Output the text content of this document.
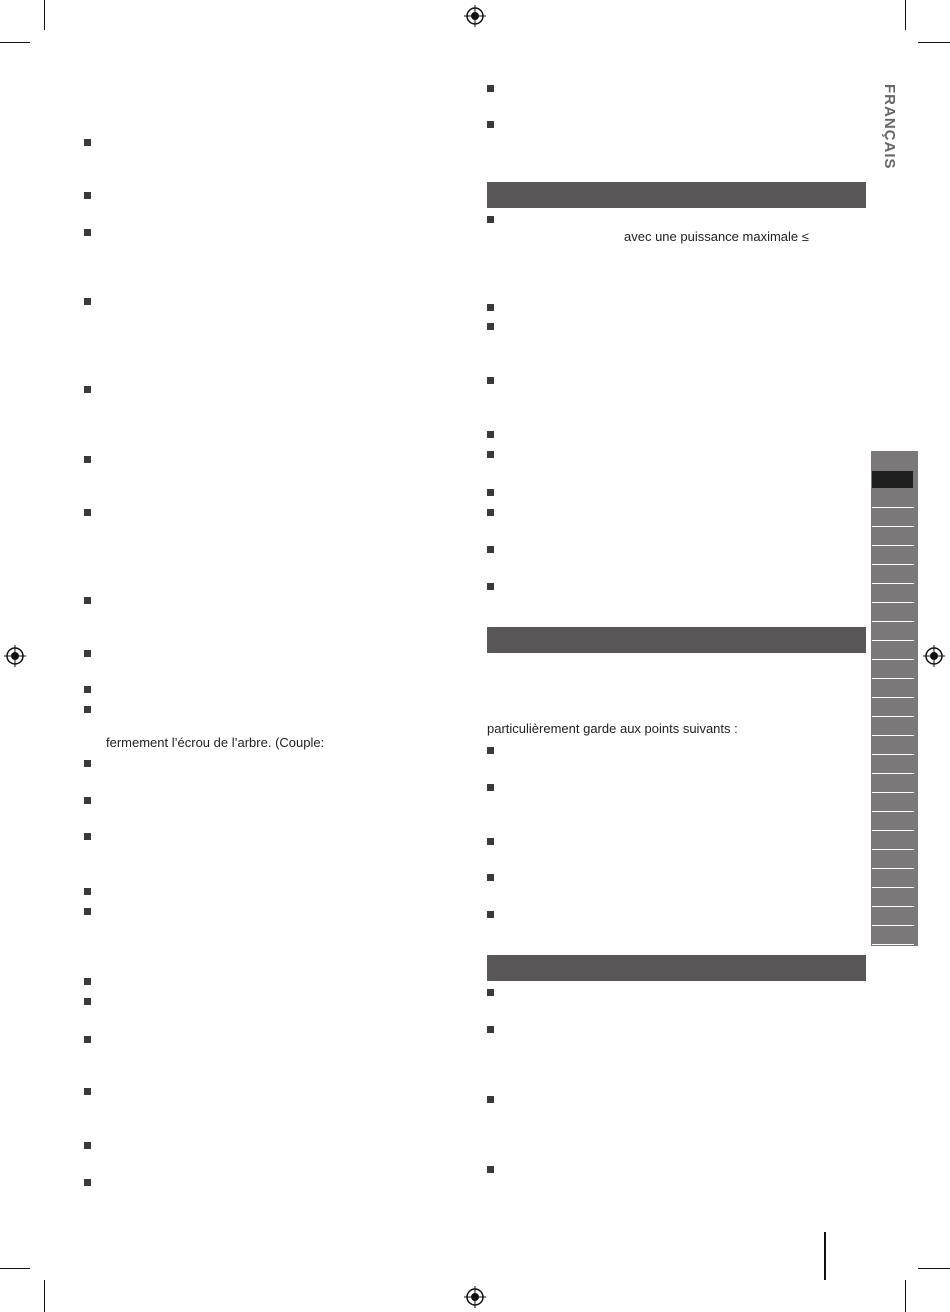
FRANÇAIS
fermement l’écrou de l’arbre. (Couple:
avec une puissance maximale ≤
particulièrement garde aux points suivants :
